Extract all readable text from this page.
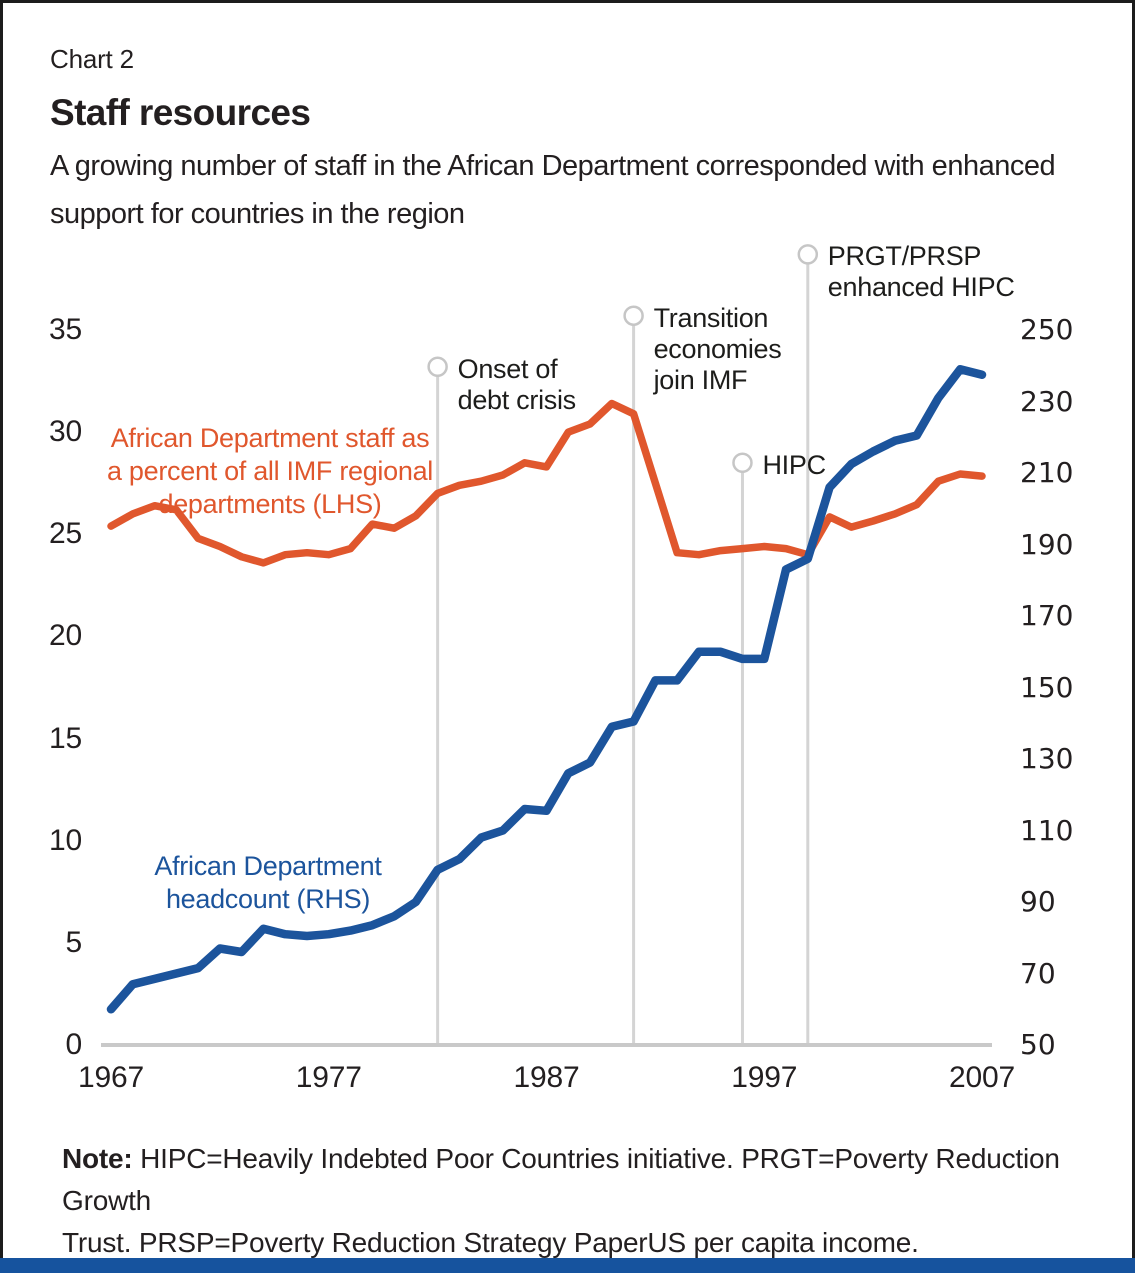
Chart 2
Staff resources
A growing number of staff in the African Department corresponded with enhanced support for countries in the region
0
5
10
15
20
25
30
35
50
70
90
110
130
150
170
190
210
230
250
1967	1977	1987	1997	2007
African Department staff as
a percent of all IMF regional
departments (LHS)
African Department
headcount (RHS)
Onset of
debt crisis
Transition
economies
join IMF
HIPC
PRGT/PRSP
enhanced HIPC
Note: HIPC=Heavily Indebted Poor Countries initiative. PRGT=Poverty Reduction Growth
Trust. PRSP=Poverty Reduction Strategy PaperUS per capita income.
